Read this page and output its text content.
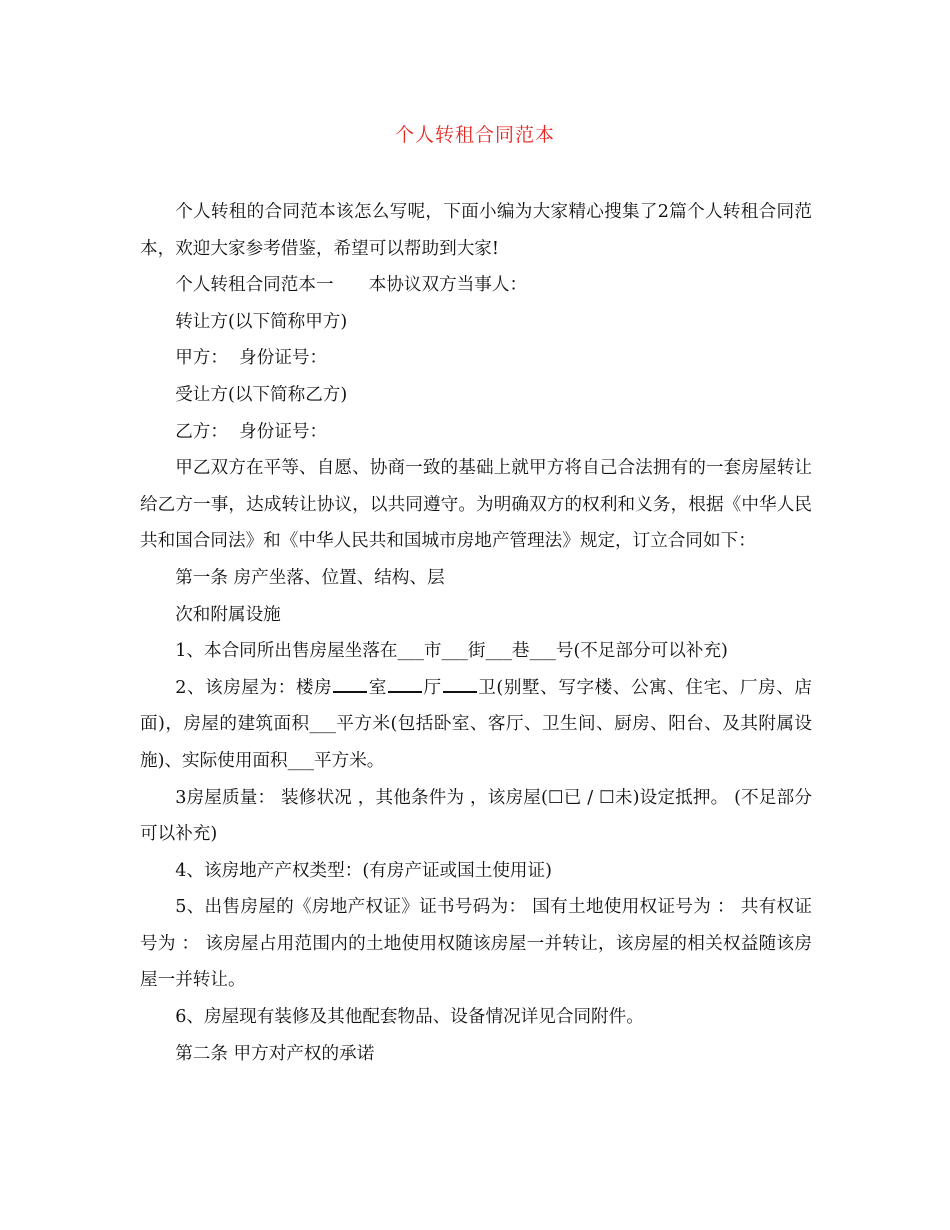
个人转租合同范本

个人转租的合同范本该怎么写呢，下面小编为大家精心搜集了2篇个人转租合同范本，欢迎大家参考借鉴，希望可以帮助到大家!

个人转租合同范本一　　本协议双方当事人：

转让方(以下简称甲方)

甲方：  身份证号：

受让方(以下简称乙方)

乙方：  身份证号：

甲乙双方在平等、自愿、协商一致的基础上就甲方将自己合法拥有的一套房屋转让给乙方一事，达成转让协议，以共同遵守。为明确双方的权利和义务，根据《中华人民共和国合同法》和《中华人民共和国城市房地产管理法》规定，订立合同如下：

第一条 房产坐落、位置、结构、层

次和附属设施

1、本合同所出售房屋坐落在___市___街___巷___号(不足部分可以补充)

2、该房屋为：楼房 室 厅 卫(别墅、写字楼、公寓、住宅、厂房、店面)，房屋的建筑面积___平方米(包括卧室、客厅、卫生间、厨房、阳台、及其附属设施)、实际使用面积___平方米。

3房屋质量： 装修状况 ，其他条件为 ，该房屋(☐已 / ☐未)设定抵押。 (不足部分可以补充)

4、该房地产产权类型：(有房产证或国土使用证)

5、出售房屋的《房地产权证》证书号码为： 国有土地使用权证号为 ： 共有权证号为 ： 该房屋占用范围内的土地使用权随该房屋一并转让，该房屋的相关权益随该房屋一并转让。

6、房屋现有装修及其他配套物品、设备情况详见合同附件。

第二条 甲方对产权的承诺
